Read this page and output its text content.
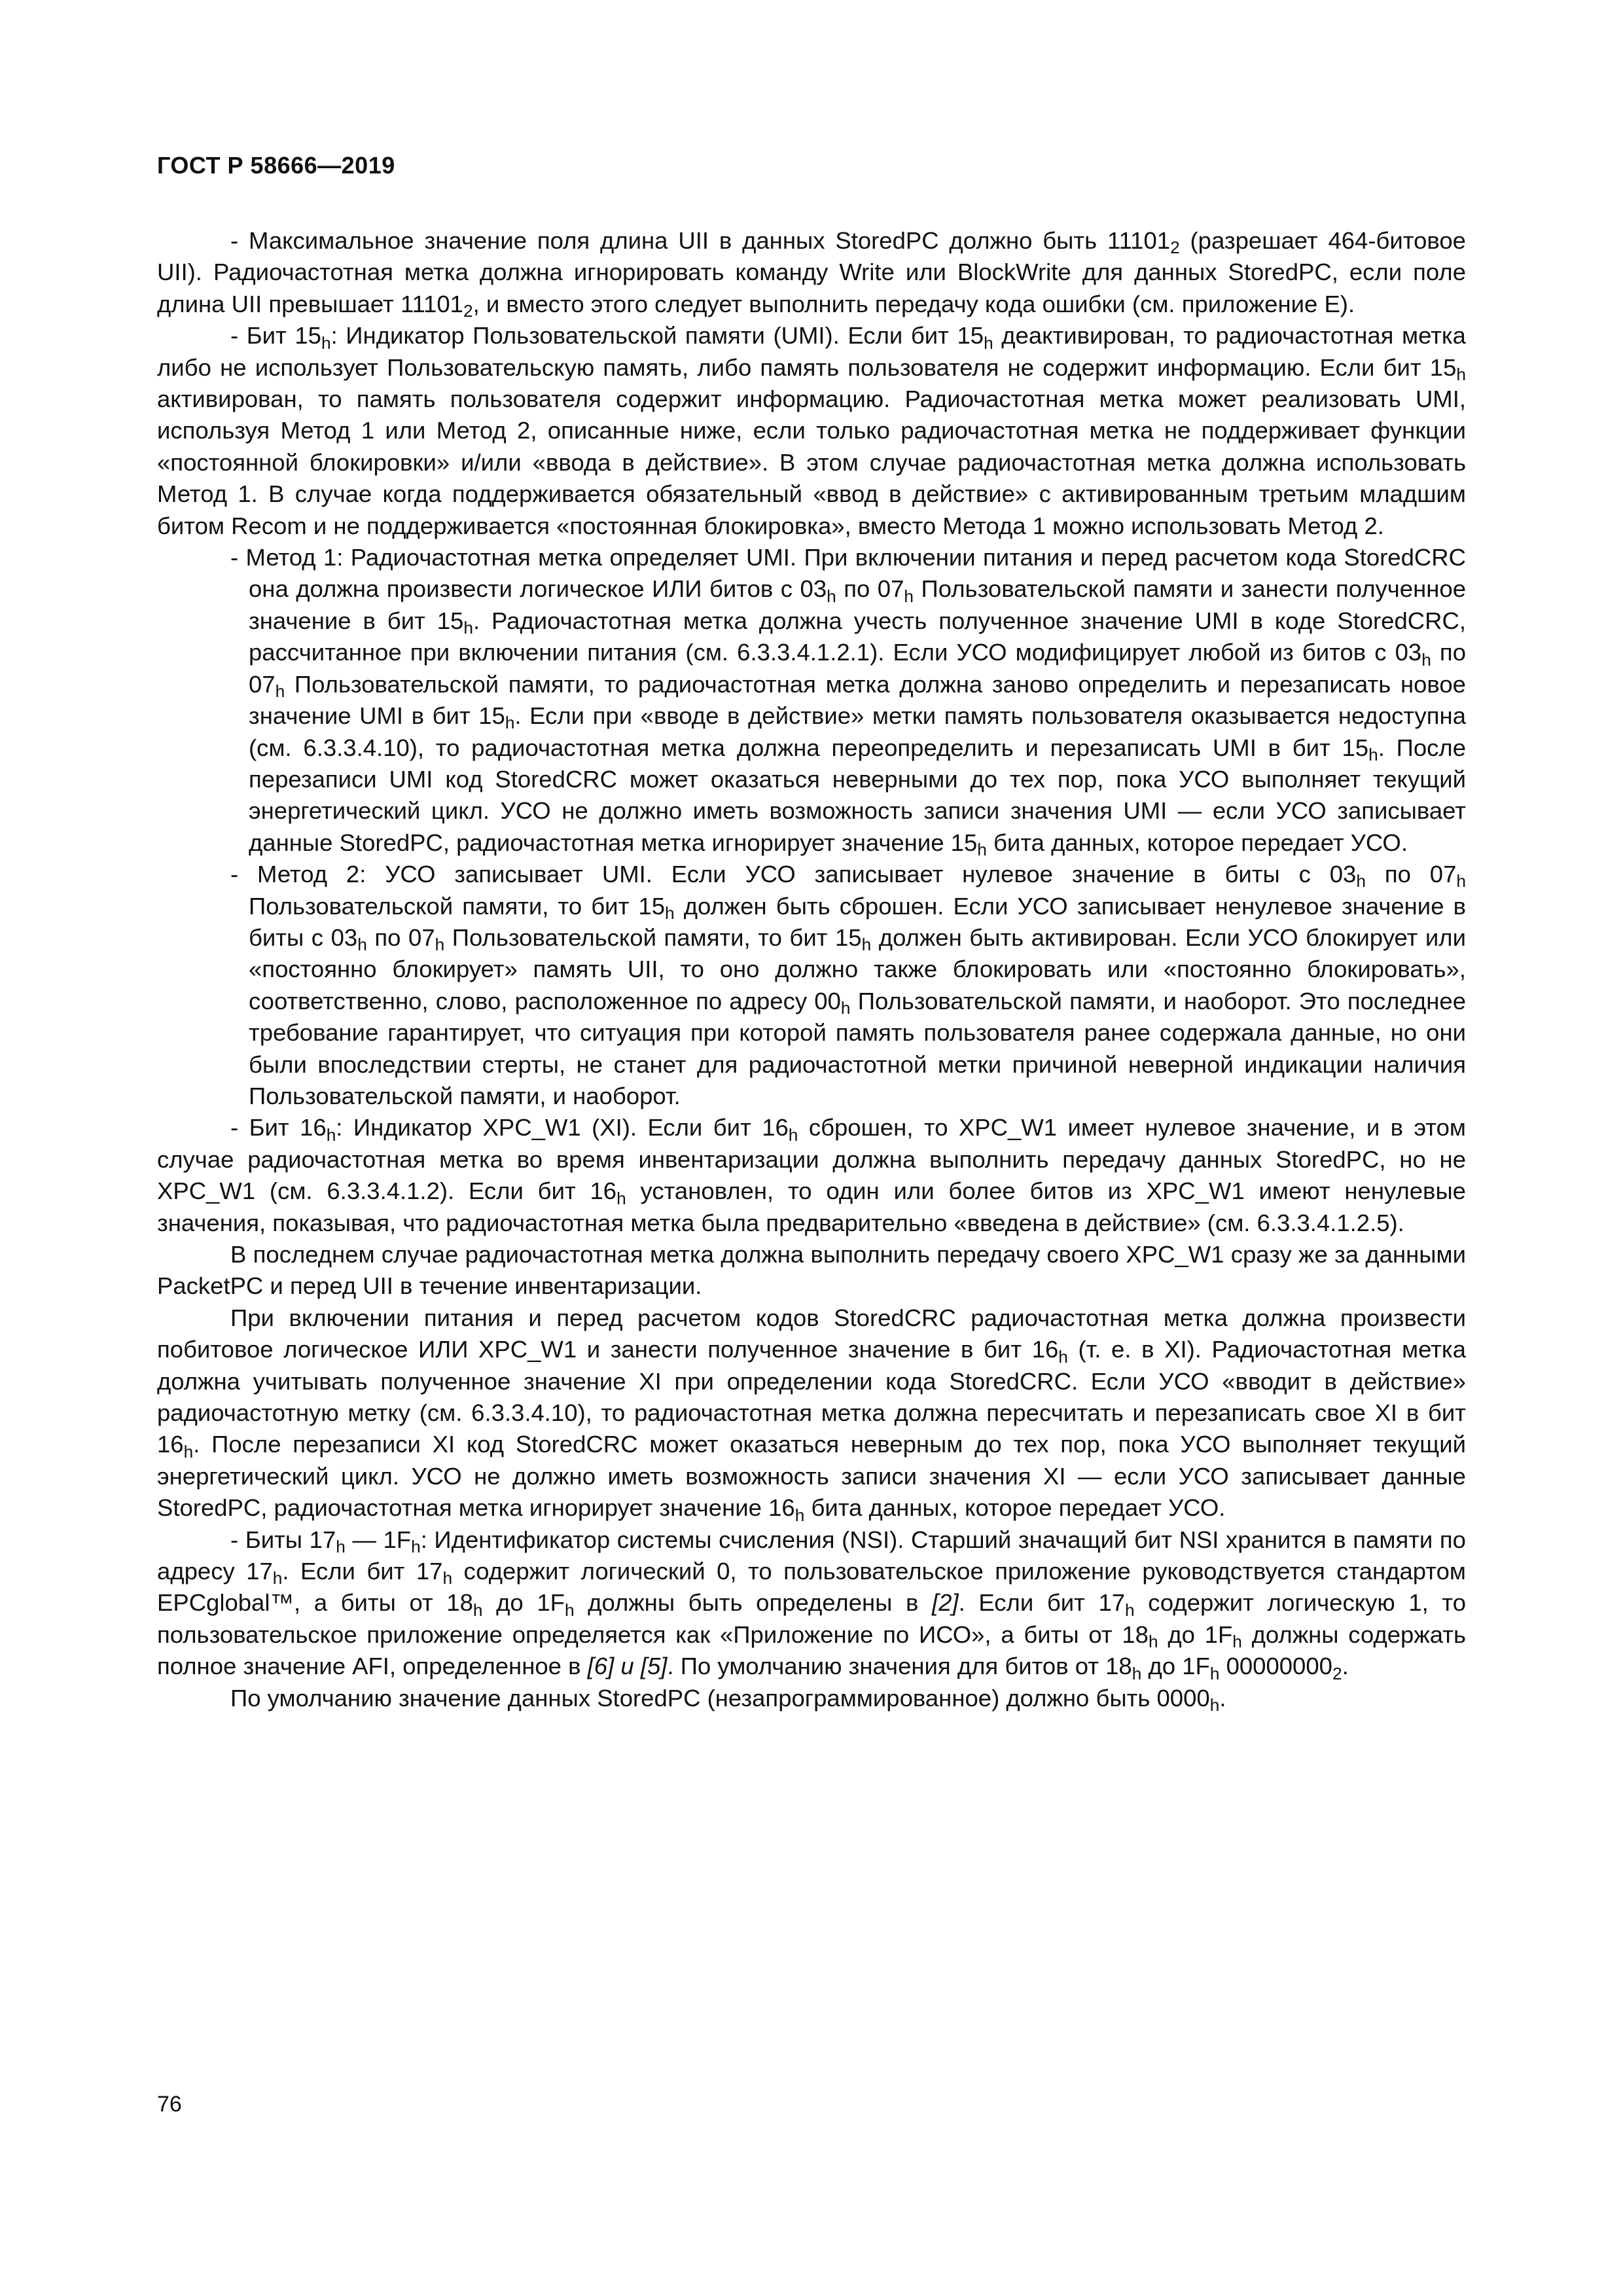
ГОСТ Р 58666—2019

- Максимальное значение поля длина UII в данных StoredPC должно быть $11101_2$ (разрешает 464-битовое UII). Радиочастотная метка должна игнорировать команду Write или BlockWrite для данных StoredPC, если поле длина UII превышает $11101_2$, и вместо этого следует выполнить передачу кода ошибки (см. приложение Е).

- Бит $15_h$: Индикатор Пользовательской памяти (UMI). Если бит $15_h$ деактивирован, то радиочастотная метка либо не использует Пользовательскую память, либо память пользователя не содержит информацию. Если бит $15_h$ активирован, то память пользователя содержит информацию. Радиочастотная метка может реализовать UMI, используя Метод 1 или Метод 2, описанные ниже, если только радиочастотная метка не поддерживает функции «постоянной блокировки» и/или «ввода в действие». В этом случае радиочастотная метка должна использовать Метод 1. В случае когда поддерживается обязательный «ввод в действие» с активированным третьим младшим битом Recom и не поддерживается «постоянная блокировка», вместо Метода 1 можно использовать Метод 2.

- Метод 1: Радиочастотная метка определяет UMI. При включении питания и перед расчетом кода StoredCRC она должна произвести логическое ИЛИ битов с $03_h$ по $07_h$ Пользовательской памяти и занести полученное значение в бит $15_h$. Радиочастотная метка должна учесть полученное значение UMI в коде StoredCRC, рассчитанное при включении питания (см. 6.3.3.4.1.2.1). Если УСО модифицирует любой из битов с $03_h$ по $07_h$ Пользовательской памяти, то радиочастотная метка должна заново определить и перезаписать новое значение UMI в бит $15_h$. Если при «вводе в действие» метки память пользователя оказывается недоступна (см. 6.3.3.4.10), то радиочастотная метка должна переопределить и перезаписать UMI в бит $15_h$. После перезаписи UMI код StoredCRC может оказаться неверными до тех пор, пока УСО выполняет текущий энергетический цикл. УСО не должно иметь возможность записи значения UMI — если УСО записывает данные StoredPC, радиочастотная метка игнорирует значение $15_h$ бита данных, которое передает УСО.

- Метод 2: УСО записывает UMI. Если УСО записывает нулевое значение в биты с $03_h$ по $07_h$ Пользовательской памяти, то бит $15_h$ должен быть сброшен. Если УСО записывает ненулевое значение в биты с $03_h$ по $07_h$ Пользовательской памяти, то бит $15_h$ должен быть активирован. Если УСО блокирует или «постоянно блокирует» память UII, то оно должно также блокировать или «постоянно блокировать», соответственно, слово, расположенное по адресу $00_h$ Пользовательской памяти, и наоборот. Это последнее требование гарантирует, что ситуация при которой память пользователя ранее содержала данные, но они были впоследствии стерты, не станет для радиочастотной метки причиной неверной индикации наличия Пользовательской памяти, и наоборот.

- Бит $16_h$: Индикатор XPC_W1 (XI). Если бит $16_h$ сброшен, то XPC_W1 имеет нулевое значение, и в этом случае радиочастотная метка во время инвентаризации должна выполнить передачу данных StoredPC, но не XPC_W1 (см. 6.3.3.4.1.2). Если бит $16_h$ установлен, то один или более битов из XPC_W1 имеют ненулевые значения, показывая, что радиочастотная метка была предварительно «введена в действие» (см. 6.3.3.4.1.2.5).

В последнем случае радиочастотная метка должна выполнить передачу своего XPC_W1 сразу же за данными PacketPC и перед UII в течение инвентаризации.

При включении питания и перед расчетом кодов StoredCRC радиочастотная метка должна произвести побитовое логическое ИЛИ XPC_W1 и занести полученное значение в бит $16_h$ (т. е. в XI). Радиочастотная метка должна учитывать полученное значение XI при определении кода StoredCRC. Если УСО «вводит в действие» радиочастотную метку (см. 6.3.3.4.10), то радиочастотная метка должна пересчитать и перезаписать свое XI в бит $16_h$. После перезаписи XI код StoredCRC может оказаться неверным до тех пор, пока УСО выполняет текущий энергетический цикл. УСО не должно иметь возможность записи значения XI — если УСО записывает данные StoredPC, радиочастотная метка игнорирует значение $16_h$ бита данных, которое передает УСО.

- Биты $17_h$ — $1F_h$: Идентификатор системы счисления (NSI). Старший значащий бит NSI хранится в памяти по адресу $17_h$. Если бит $17_h$ содержит логический 0, то пользовательское приложение руководствуется стандартом EPCglobal™, а биты от $18_h$ до $1F_h$ должны быть определены в [2]. Если бит $17_h$ содержит логическую 1, то пользовательское приложение определяется как «Приложение по ИСО», а биты от $18_h$ до $1F_h$ должны содержать полное значение AFI, определенное в [6] и [5]. По умолчанию значения для битов от $18_h$ до $1F_h$ $00000000_2$.

По умолчанию значение данных StoredPC (незапрограммированное) должно быть $0000_h$.

76
